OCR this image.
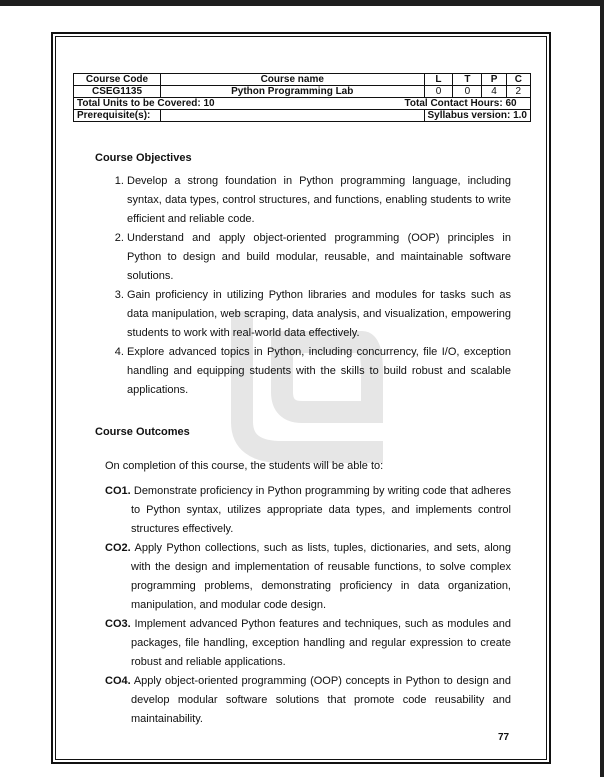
Course Code	Course name		L	T	P	C
CSEG1135	Python Programming Lab		0	0	4	2
Total Units to be Covered: 10		Total Contact Hours: 60				
Prerequisite(s):			Syllabus version: 1.0			
Course Objectives
1. Develop a strong foundation in Python programming language, including syntax, data types, control structures, and functions, enabling students to write efficient and reliable code.
2. Understand and apply object-oriented programming (OOP) principles in Python to design and build modular, reusable, and maintainable software solutions.
3. Gain proficiency in utilizing Python libraries and modules for tasks such as data manipulation, web scraping, data analysis, and visualization, empowering students to work with real-world data effectively.
4. Explore advanced topics in Python, including concurrency, file I/O, exception handling and equipping students with the skills to build robust and scalable applications.
Course Outcomes
On completion of this course, the students will be able to:

CO1. Demonstrate proficiency in Python programming by writing code that adheres to Python syntax, utilizes appropriate data types, and implements control structures effectively.

CO2. Apply Python collections, such as lists, tuples, dictionaries, and sets, along with the design and implementation of reusable functions, to solve complex programming problems, demonstrating proficiency in data organization, manipulation, and modular code design.

CO3. Implement advanced Python features and techniques, such as modules and packages, file handling, exception handling and regular expression to create robust and reliable applications.

CO4. Apply object-oriented programming (OOP) concepts in Python to design and develop modular software solutions that promote code reusability and maintainability.

77
